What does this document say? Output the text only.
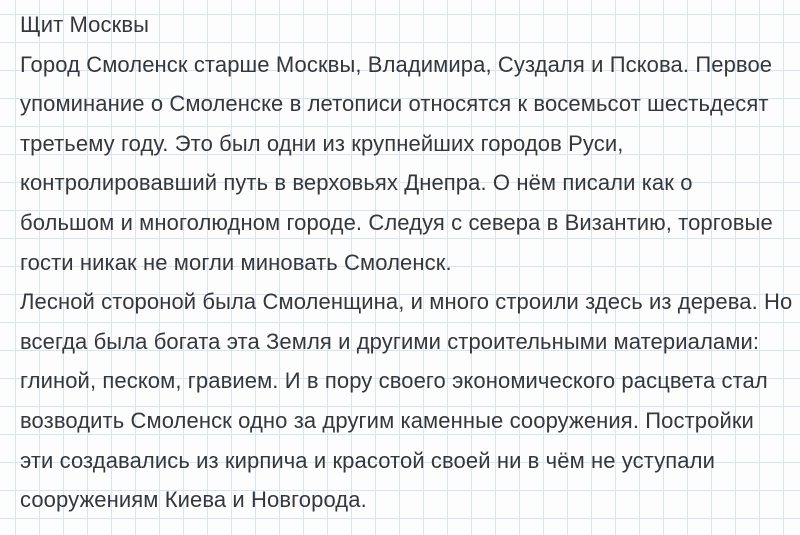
Щит Москвы
Город Смоленск старше Москвы, Владимира, Суздаля и Пскова. Первое
упоминание о Смоленске в летописи относятся к восемьсот шестьдесят
третьему году. Это был одни из крупнейших городов Руси,
контролировавший путь в верховьях Днепра. О нём писали как о
большом и многолюдном городе. Следуя с севера в Византию, торговые
гости никак не могли миновать Смоленск.
Лесной стороной была Смоленщина, и много строили здесь из дерева. Но
всегда была богата эта Земля и другими строительными материалами:
глиной, песком, гравием. И в пору своего экономического расцвета стал
возводить Смоленск одно за другим каменные сооружения. Постройки
эти создавались из кирпича и красотой своей ни в чём не уступали
сооружениям Киева и Новгорода.
